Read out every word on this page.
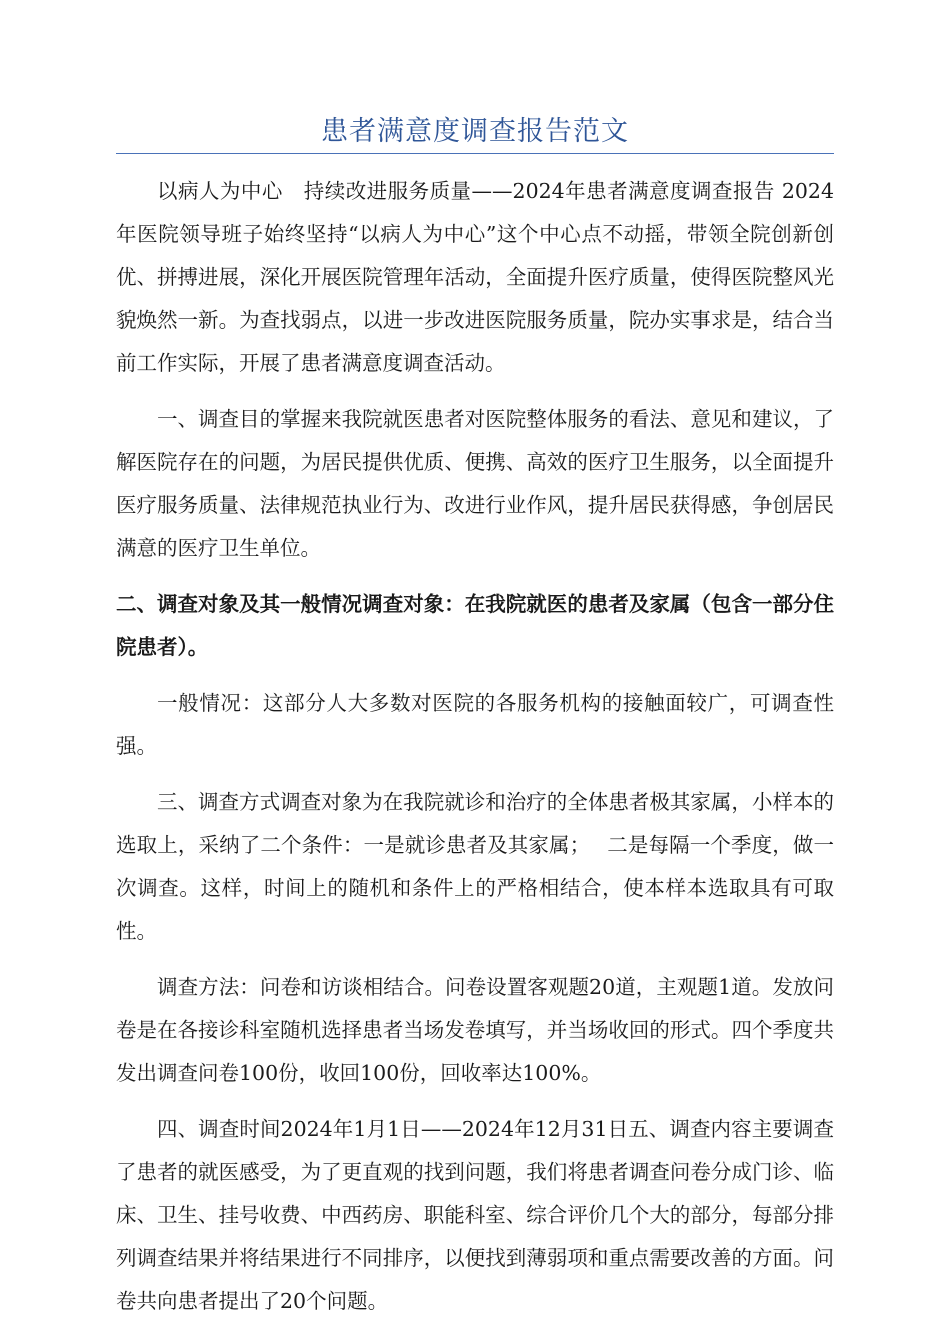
患者满意度调查报告范文

以病人为中心　持续改进服务质量——2024年患者满意度调查报告 2024年医院领导班子始终坚持“以病人为中心”这个中心点不动摇，带领全院创新创优、拼搏进展，深化开展医院管理年活动，全面提升医疗质量，使得医院整风光貌焕然一新。为查找弱点，以进一步改进医院服务质量，院办实事求是，结合当前工作实际，开展了患者满意度调查活动。

一、调查目的掌握来我院就医患者对医院整体服务的看法、意见和建议，了解医院存在的问题，为居民提供优质、便携、高效的医疗卫生服务，以全面提升医疗服务质量、法律规范执业行为、改进行业作风，提升居民获得感，争创居民满意的医疗卫生单位。

二、调查对象及其一般情况调查对象：在我院就医的患者及家属（包含一部分住院患者）。

一般情况：这部分人大多数对医院的各服务机构的接触面较广，可调查性强。

三、调查方式调查对象为在我院就诊和治疗的全体患者极其家属，小样本的选取上，采纳了二个条件：一是就诊患者及其家属；　 二是每隔一个季度，做一次调查。这样，时间上的随机和条件上的严格相结合，使本样本选取具有可取性。

调查方法：问卷和访谈相结合。问卷设置客观题20道，主观题1道。发放问卷是在各接诊科室随机选择患者当场发卷填写，并当场收回的形式。四个季度共发出调查问卷100份，收回100份，回收率达100%。

四、调查时间2024年1月1日——2024年12月31日五、调查内容主要调查了患者的就医感受，为了更直观的找到问题，我们将患者调查问卷分成门诊、临床、卫生、挂号收费、中西药房、职能科室、综合评价几个大的部分，每部分排列调查结果并将结果进行不同排序，以便找到薄弱项和重点需要改善的方面。问卷共向患者提出了20个问题。
